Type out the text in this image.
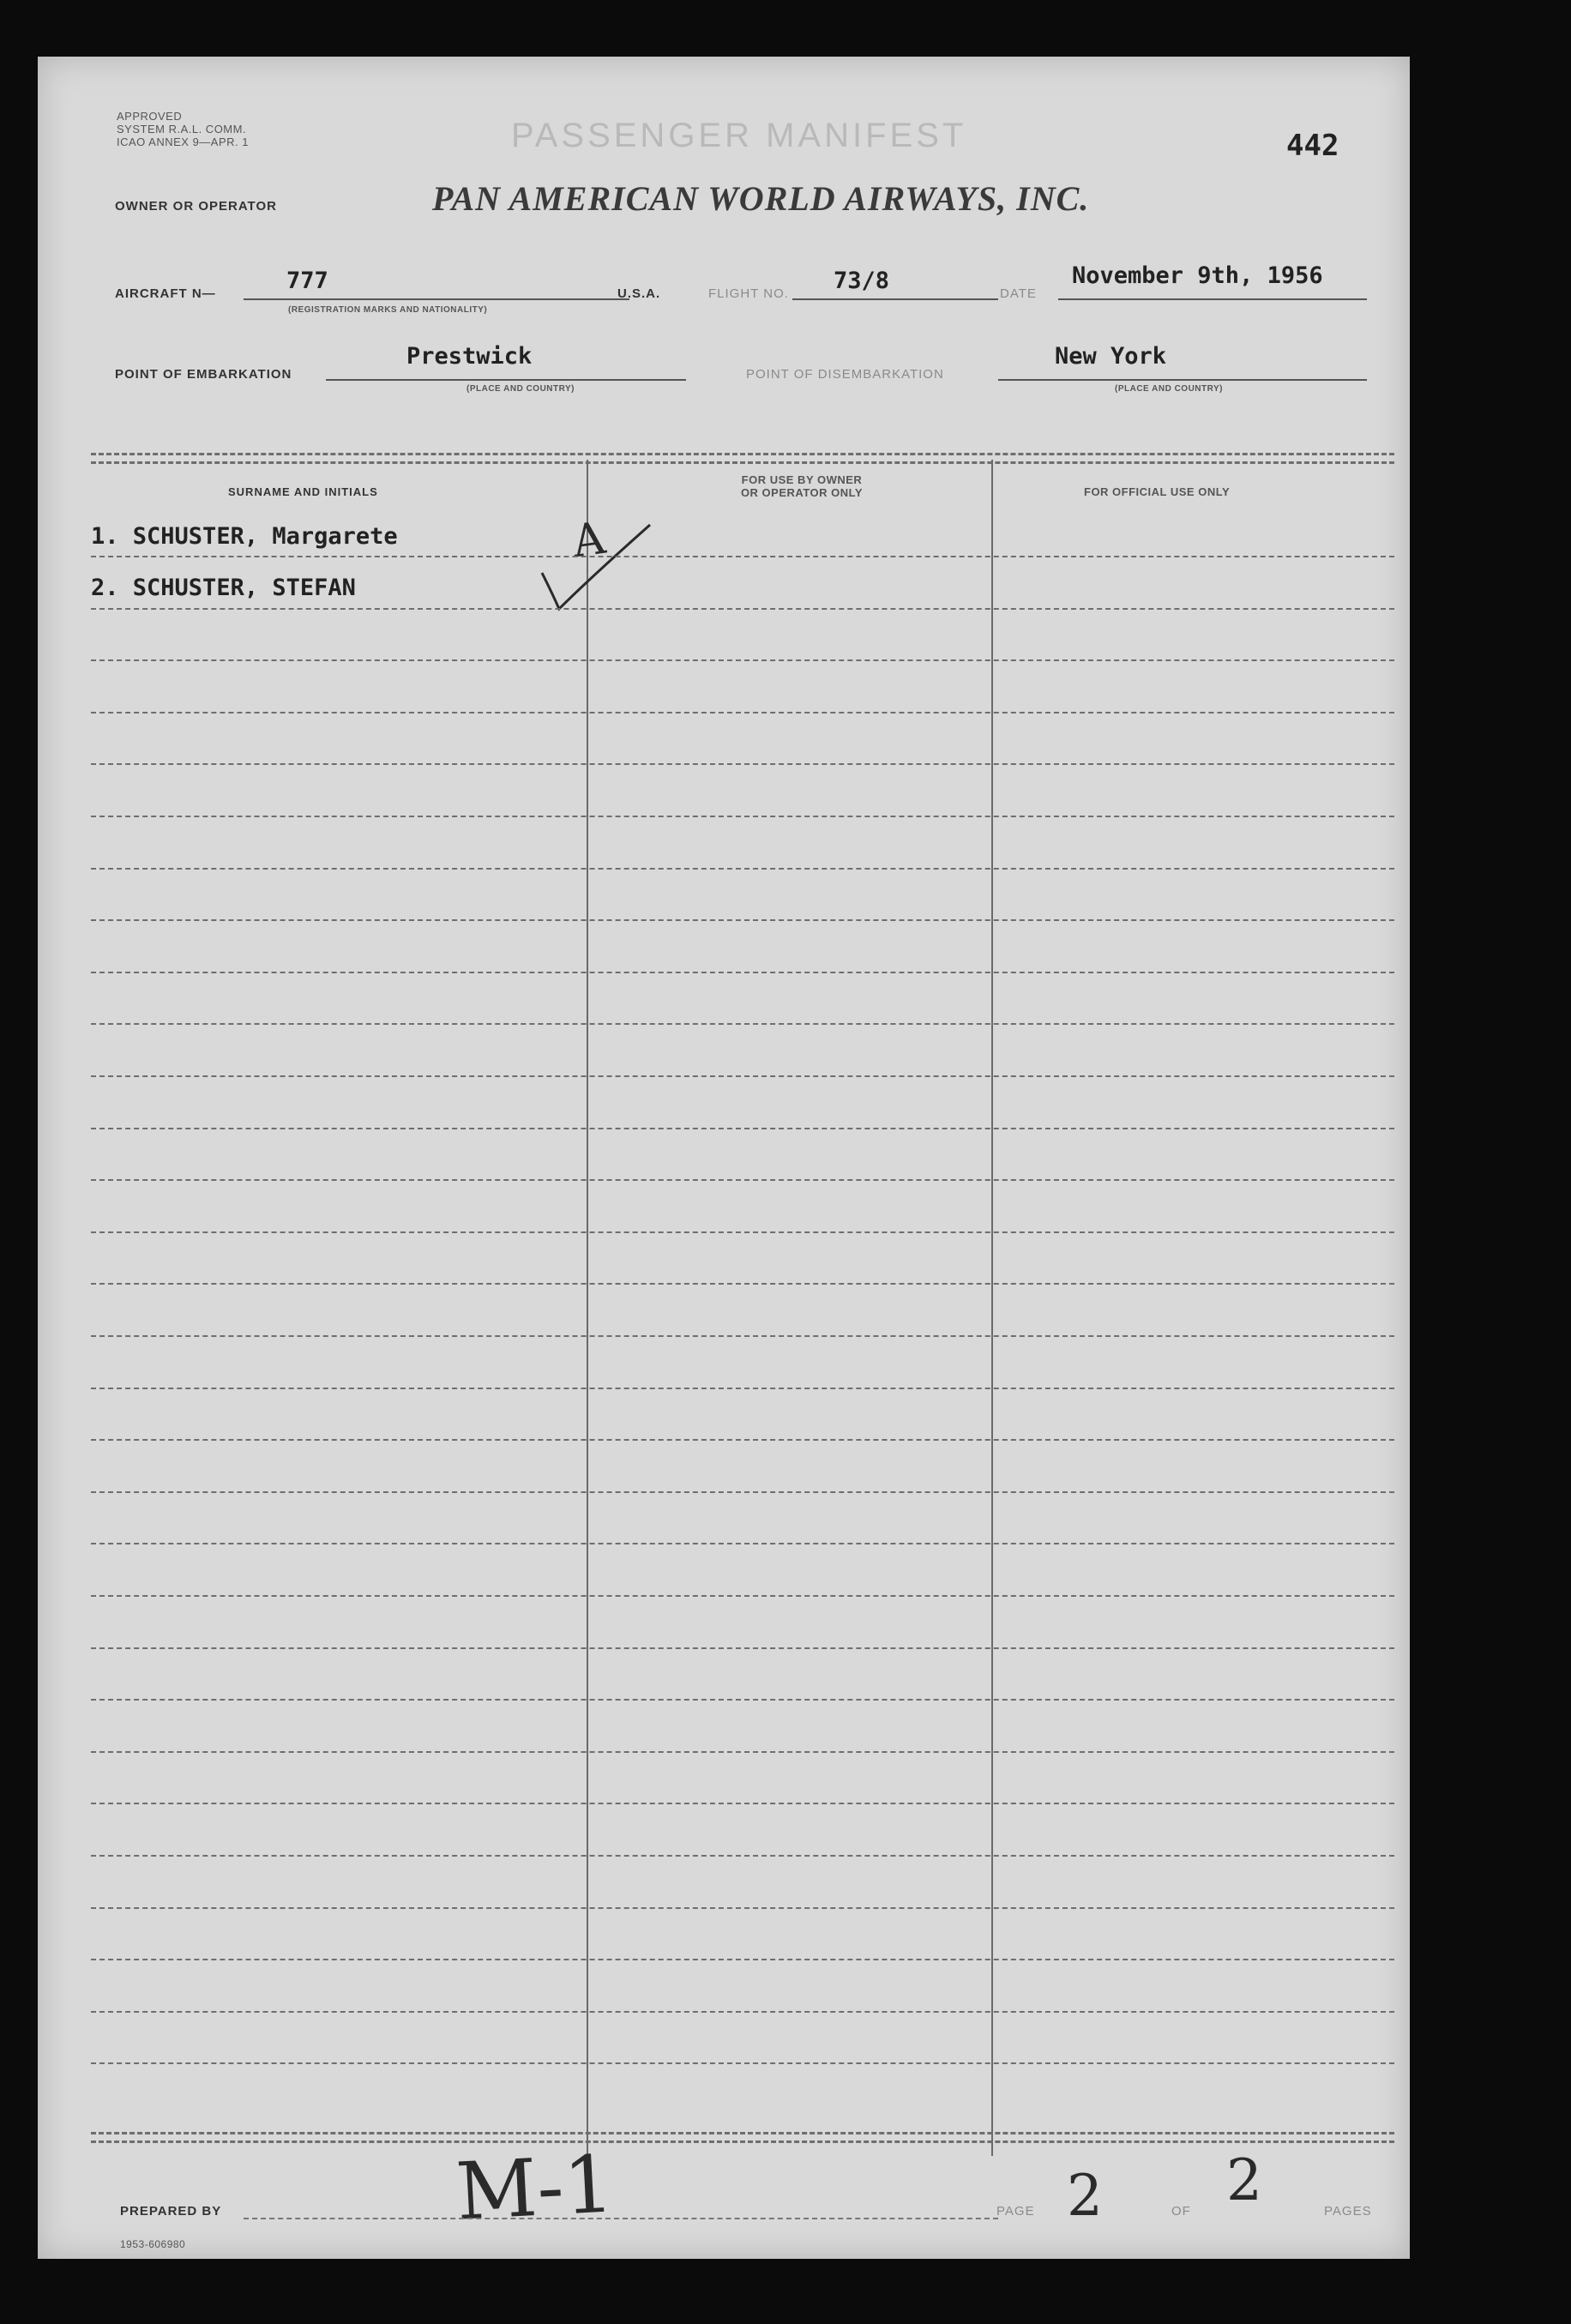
APPROVED
SYSTEM R.A.L. COMM.
ICAO ANNEX 9—APR. 1	PASSENGER MANIFEST	442
OWNER OR OPERATOR	PAN AMERICAN WORLD AIRWAYS, INC.
AIRCRAFT N—	777
(REGISTRATION MARKS AND NATIONALITY)
U.S.A.	FLIGHT NO. 73/8	DATE
November 9th, 1956
POINT OF EMBARKATION
Prestwick
(PLACE AND COUNTRY)
POINT OF DISEMBARKATION
New York
(PLACE AND COUNTRY)
SURNAME AND INITIALS
FOR USE BY OWNER
OR OPERATOR ONLY	FOR OFFICIAL USE ONLY
1. SCHUSTER, Margarete
2. SCHUSTER, STEFAN
A
M-1	2 2
PREPARED BY	PAGE	OF	PAGES
1953-606980
